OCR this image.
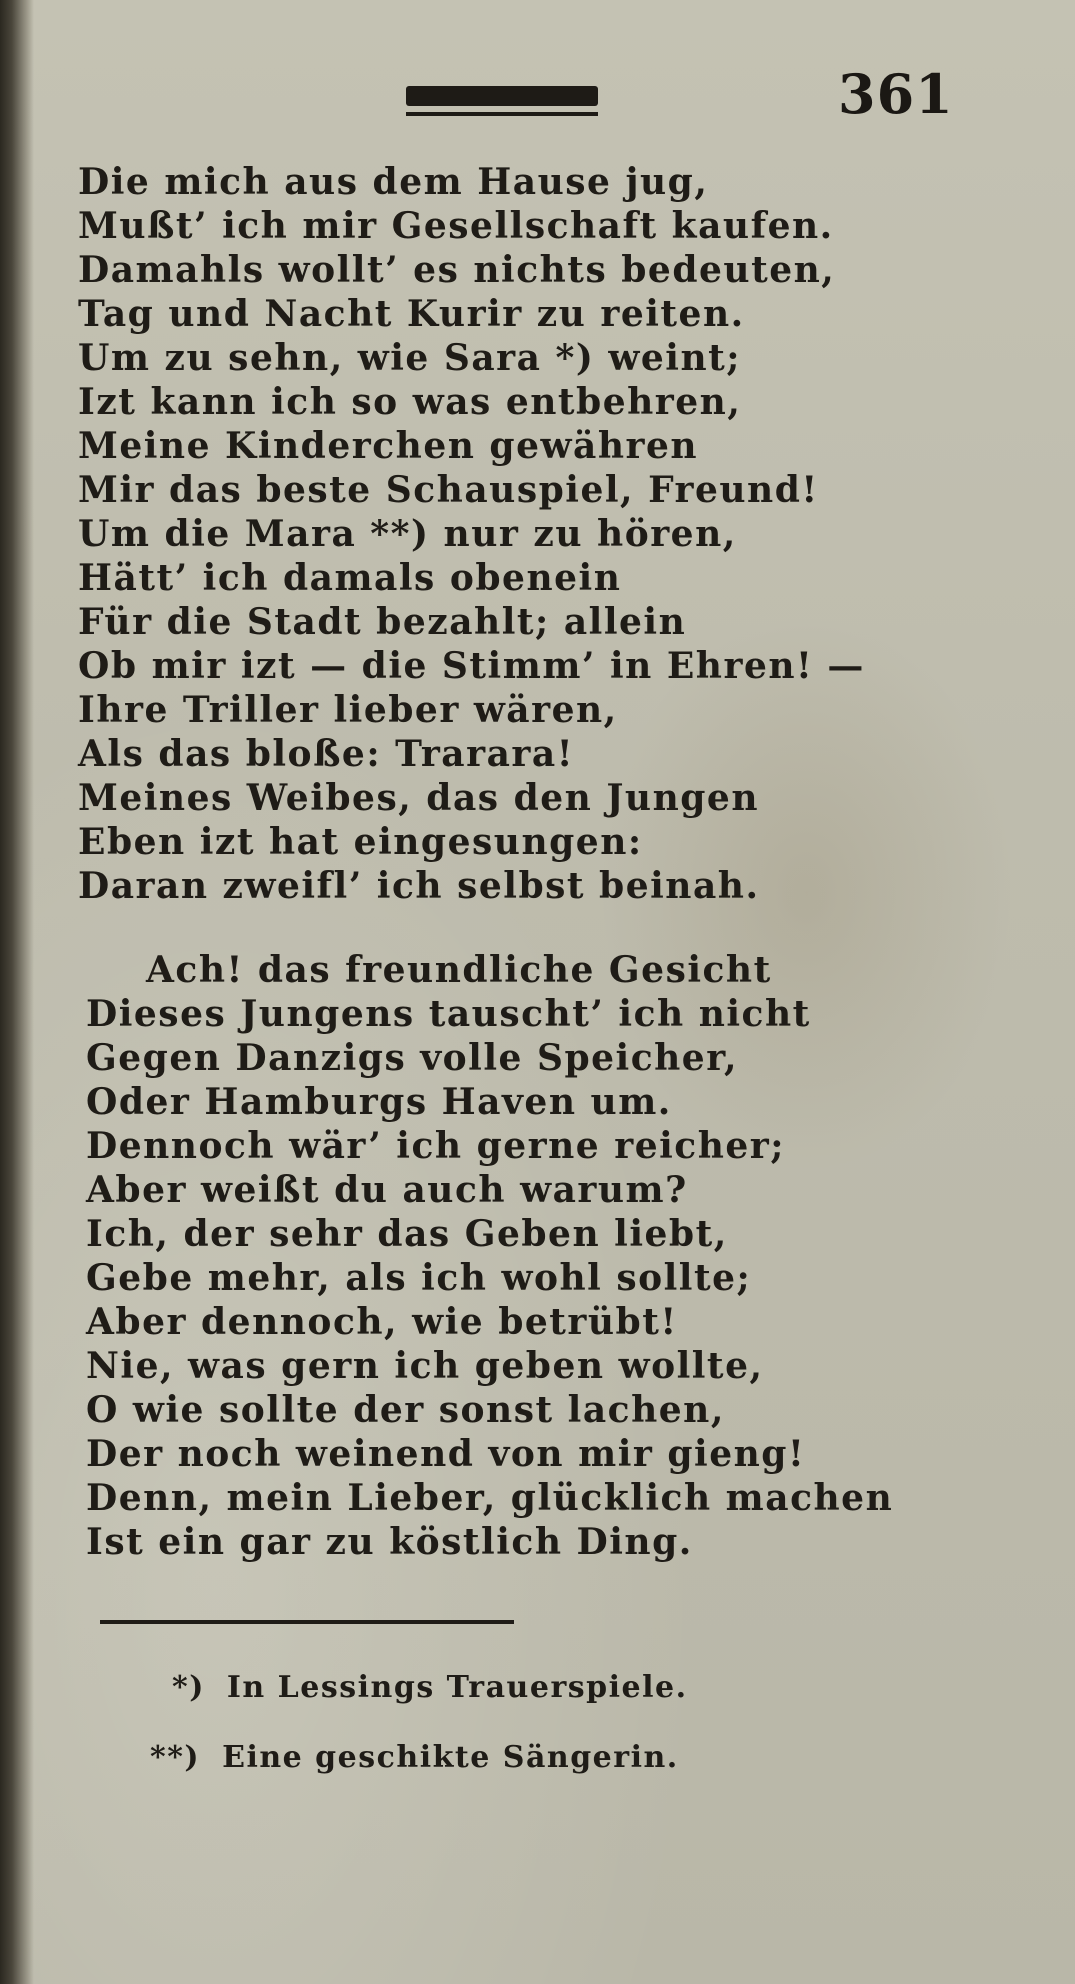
361
Die mich aus dem Hause jug,
Mußt’ ich mir Gesellschaft kaufen.
Damahls wollt’ es nichts bedeuten,
Tag und Nacht Kurir zu reiten.
Um zu sehn, wie Sara *) weint;
Izt kann ich so was entbehren,
Meine Kinderchen gewähren
Mir das beste Schauspiel, Freund!
Um die Mara **) nur zu hören,
Hätt’ ich damals obenein
Für die Stadt bezahlt; allein
Ob mir izt — die Stimm’ in Ehren! —
Ihre Triller lieber wären,
Als das bloße: Trarara!
Meines Weibes, das den Jungen
Eben izt hat eingesungen:
Daran zweifl’ ich selbst beinah.
Ach! das freundliche Gesicht
Dieses Jungens tauscht’ ich nicht
Gegen Danzigs volle Speicher,
Oder Hamburgs Haven um.
Dennoch wär’ ich gerne reicher;
Aber weißt du auch warum?
Ich, der sehr das Geben liebt,
Gebe mehr, als ich wohl sollte;
Aber dennoch, wie betrübt!
Nie, was gern ich geben wollte,
O wie sollte der sonst lachen,
Der noch weinend von mir gieng!
Denn, mein Lieber, glücklich machen
Ist ein gar zu köstlich Ding.
*) In Lessings Trauerspiele.
**) Eine geschikte Sängerin.
